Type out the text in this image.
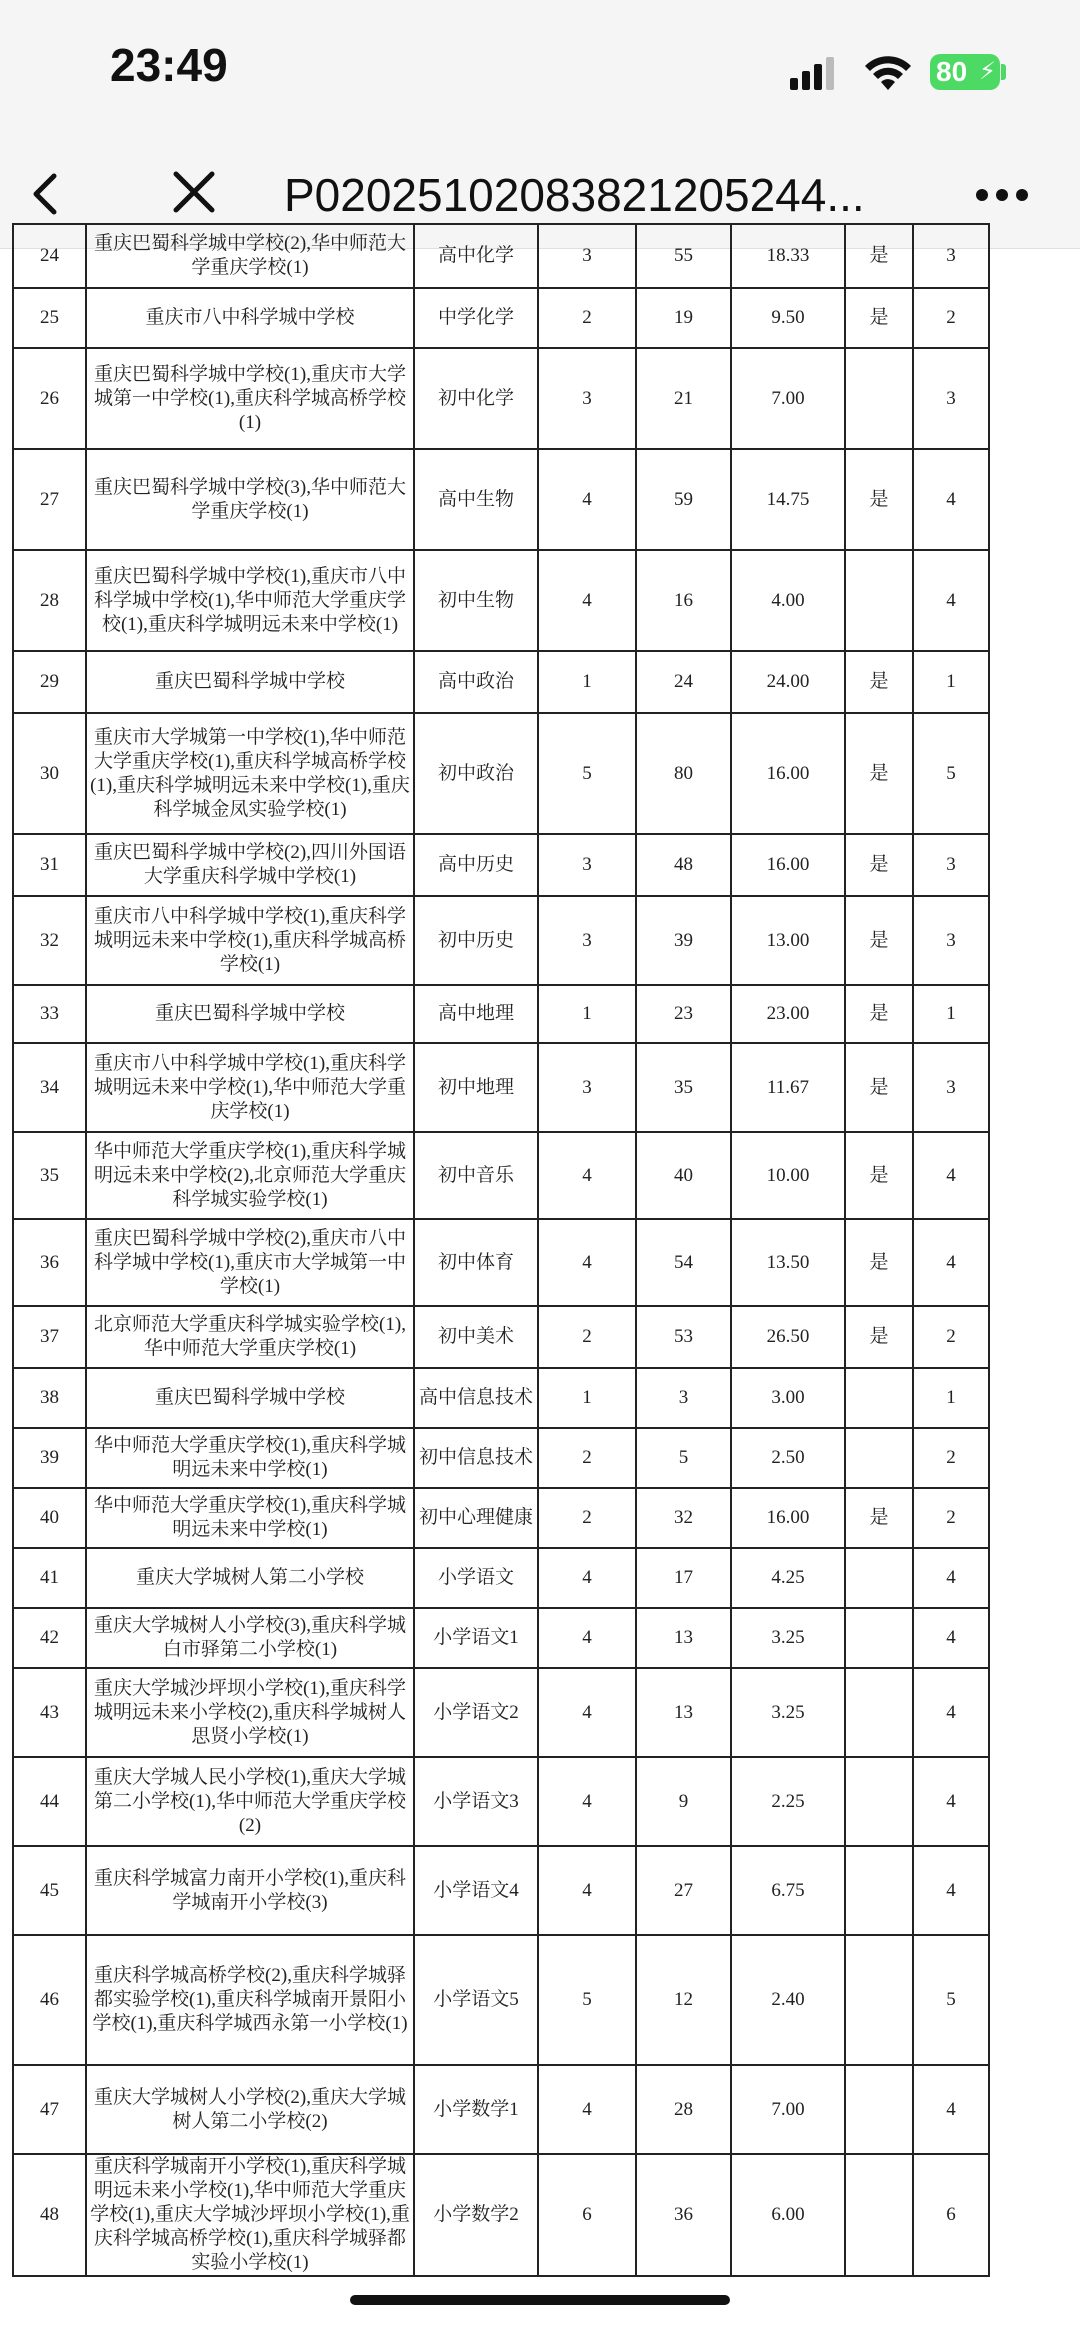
23:49	80 ⚡
P0202510208382120524​4...
24	重庆巴蜀科学城中学校(2),华中师范大学重庆学校(1)	高中化学	3	55	18.33	是	3
25	重庆市八中科学城中学校	中学化学	2	19	9.50	是	2
26	重庆巴蜀科学城中学校(1),重庆市大学城第一中学校(1),重庆科学城高桥学校(1)	初中化学	3	21	7.00		3
27	重庆巴蜀科学城中学校(3),华中师范大学重庆学校(1)	高中生物	4	59	14.75	是	4
28	重庆巴蜀科学城中学校(1),重庆市八中科学城中学校(1),华中师范大学重庆学校(1),重庆科学城明远未来中学校(1)	初中生物	4	16	4.00		4
29	重庆巴蜀科学城中学校	高中政治	1	24	24.00	是	1
30	重庆市大学城第一中学校(1),华中师范大学重庆学校(1),重庆科学城高桥学校(1),重庆科学城明远未来中学校(1),重庆科学城金凤实验学校(1)	初中政治	5	80	16.00	是	5
31	重庆巴蜀科学城中学校(2),四川外国语大学重庆科学城中学校(1)	高中历史	3	48	16.00	是	3
32	重庆市八中科学城中学校(1),重庆科学城明远未来中学校(1),重庆科学城高桥学校(1)	初中历史	3	39	13.00	是	3
33	重庆巴蜀科学城中学校	高中地理	1	23	23.00	是	1
34	重庆市八中科学城中学校(1),重庆科学城明远未来中学校(1),华中师范大学重庆学校(1)	初中地理	3	35	11.67	是	3
35	华中师范大学重庆学校(1),重庆科学城明远未来中学校(2),北京师范大学重庆科学城实验学校(1)	初中音乐	4	40	10.00	是	4
36	重庆巴蜀科学城中学校(2),重庆市八中科学城中学校(1),重庆市大学城第一中学校(1)	初中体育	4	54	13.50	是	4
37	北京师范大学重庆科学城实验学校(1),华中师范大学重庆学校(1)	初中美术	2	53	26.50	是	2
38	重庆巴蜀科学城中学校	高中信息技术	1	3	3.00		1
39	华中师范大学重庆学校(1),重庆科学城明远未来中学校(1)	初中信息技术	2	5	2.50		2
40	华中师范大学重庆学校(1),重庆科学城明远未来中学校(1)	初中心理健康	2	32	16.00	是	2
41	重庆大学城树人第二小学校	小学语文	4	17	4.25		4
42	重庆大学城树人小学校(3),重庆科学城白市驿第二小学校(1)	小学语文1	4	13	3.25		4
43	重庆大学城沙坪坝小学校(1),重庆科学城明远未来小学校(2),重庆科学城树人思贤小学校(1)	小学语文2	4	13	3.25		4
44	重庆大学城人民小学校(1),重庆大学城第二小学校(1),华中师范大学重庆学校(2)	小学语文3	4	9	2.25		4
45	重庆科学城富力南开小学校(1),重庆科学城南开小学校(3)	小学语文4	4	27	6.75		4
46	重庆科学城高桥学校(2),重庆科学城驿都实验学校(1),重庆科学城南开景阳小学校(1),重庆科学城西永第一小学校(1)	小学语文5	5	12	2.40		5
47	重庆大学城树人小学校(2),重庆大学城树人第二小学校(2)	小学数学1	4	28	7.00		4
48	重庆科学城南开小学校(1),重庆科学城明远未来小学校(1),华中师范大学重庆学校(1),重庆大学城沙坪坝小学校(1),重庆科学城高桥学校(1),重庆科学城驿都实验小学校(1)	小学数学2	6	36	6.00		6
